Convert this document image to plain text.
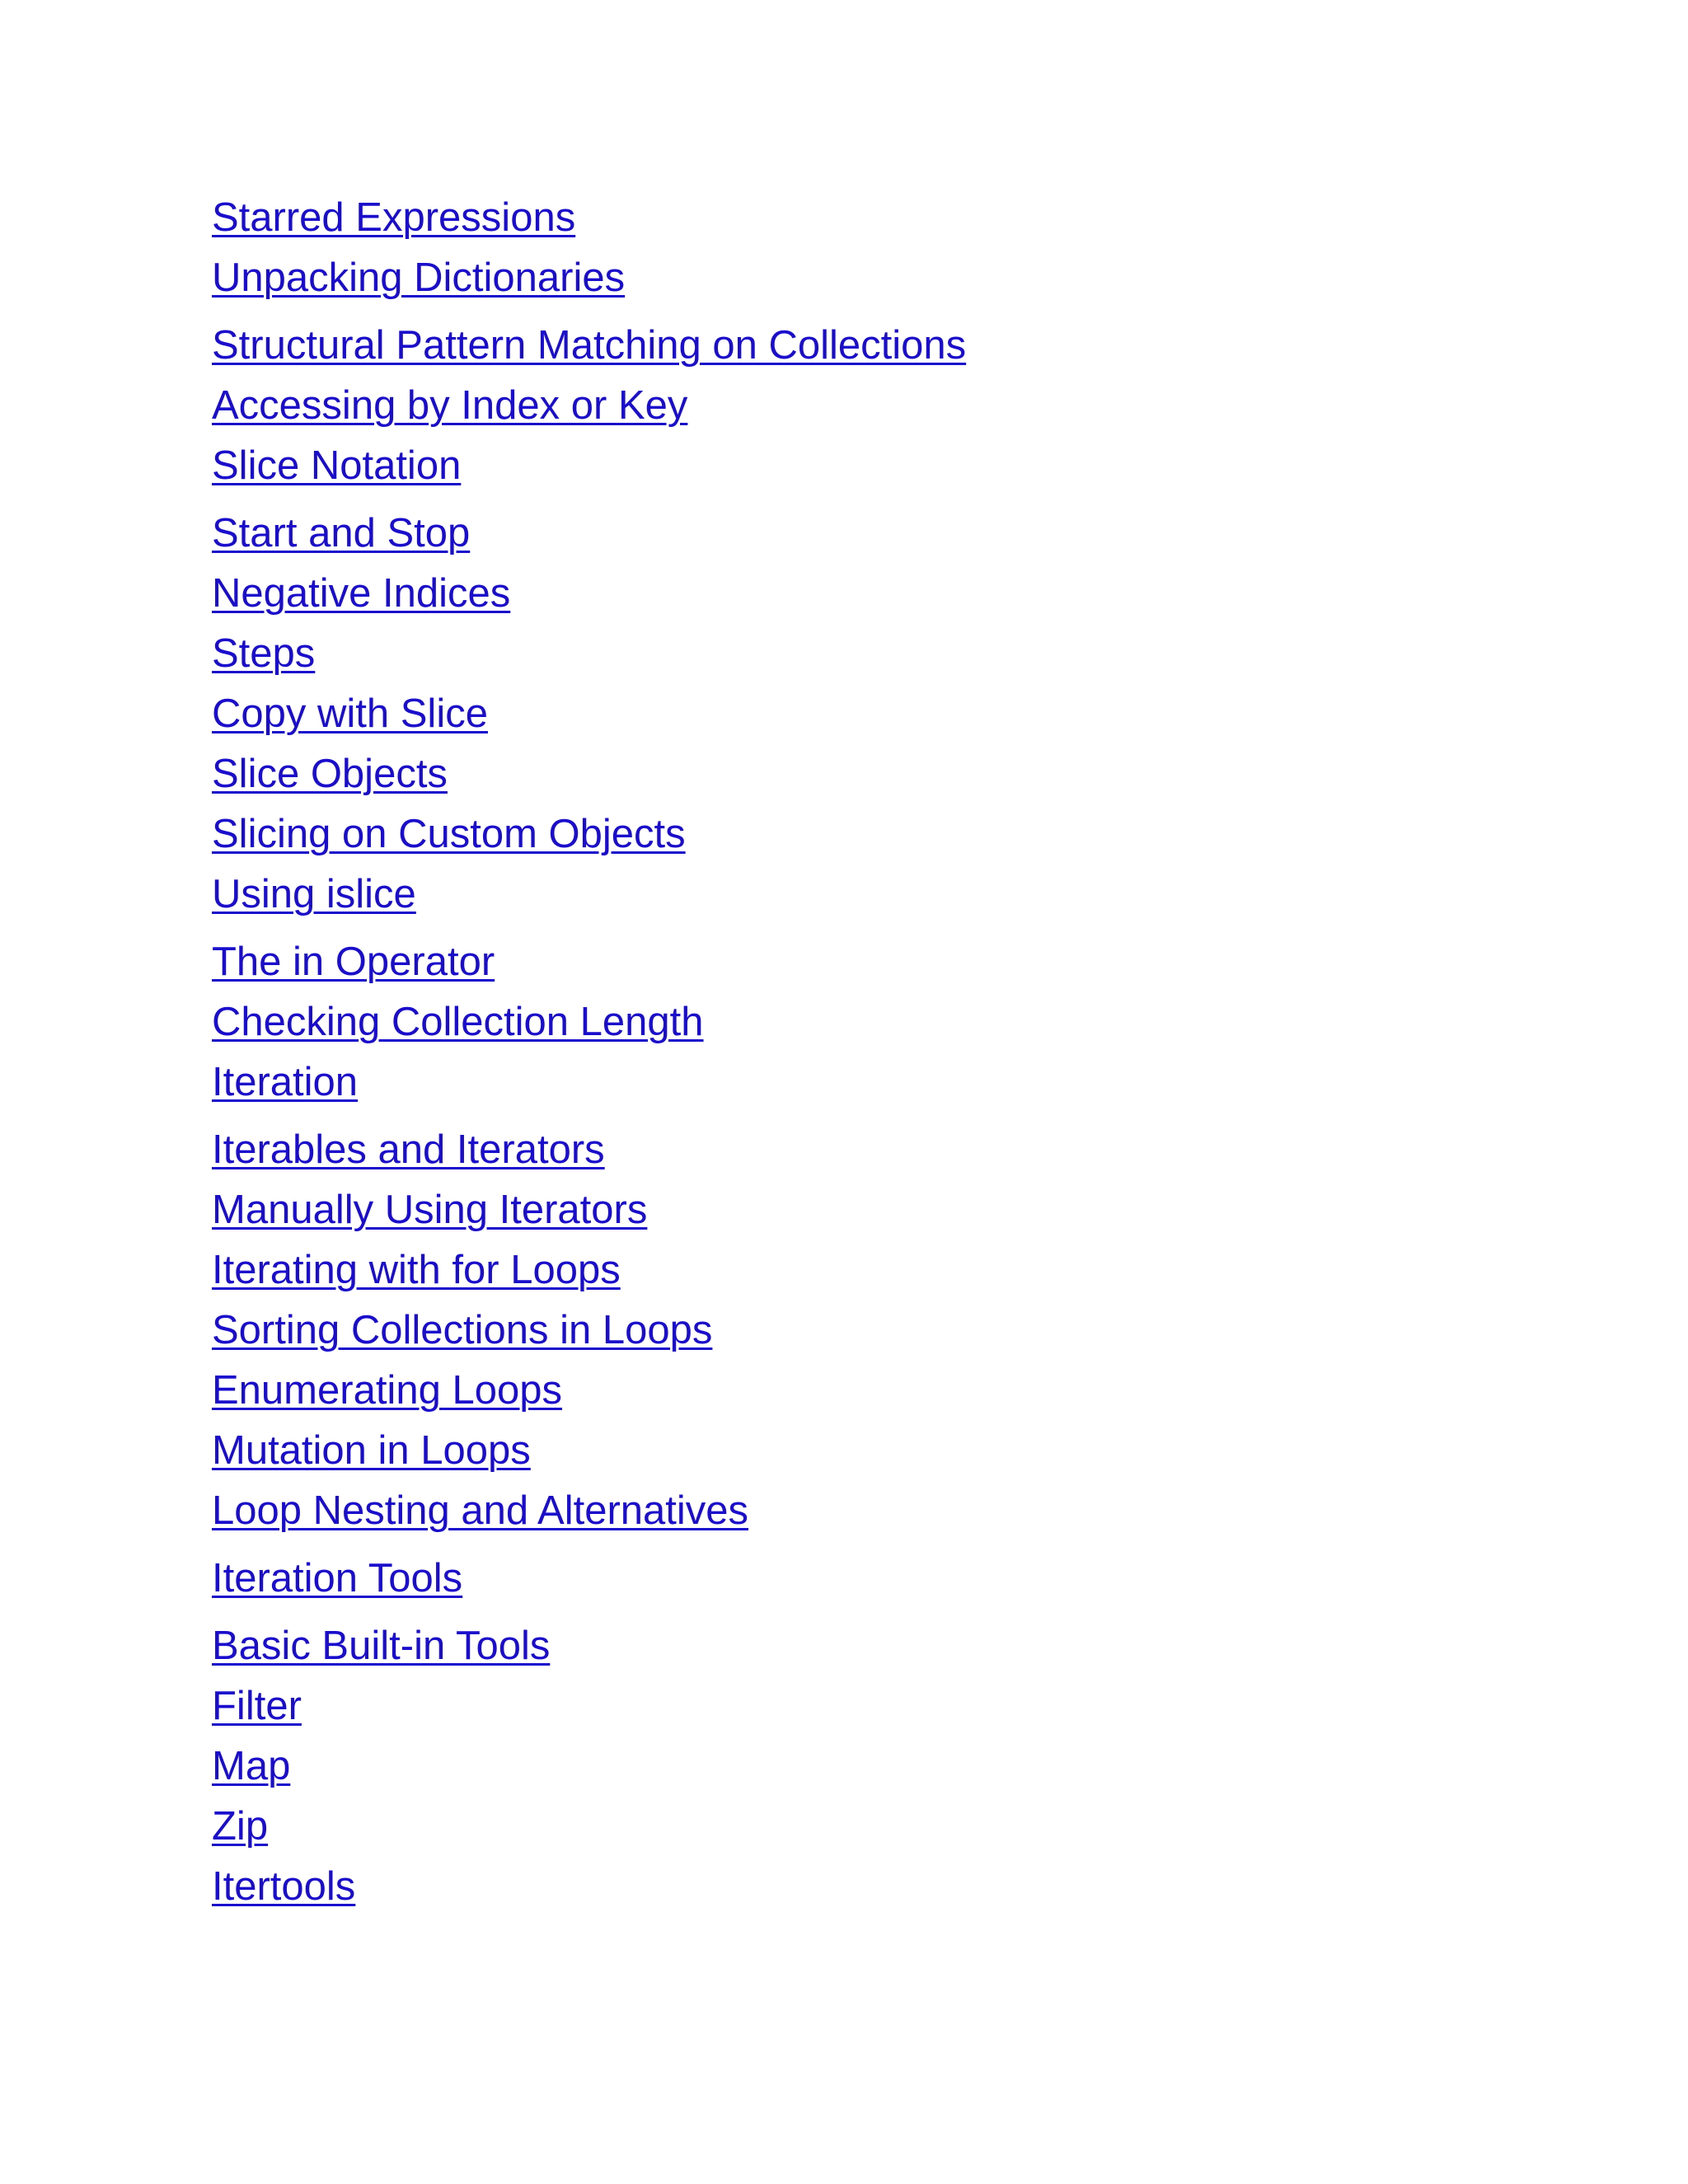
Starred Expressions
Unpacking Dictionaries
Structural Pattern Matching on Collections
Accessing by Index or Key
Slice Notation
Start and Stop
Negative Indices
Steps
Copy with Slice
Slice Objects
Slicing on Custom Objects
Using islice
The in Operator
Checking Collection Length
Iteration
Iterables and Iterators
Manually Using Iterators
Iterating with for Loops
Sorting Collections in Loops
Enumerating Loops
Mutation in Loops
Loop Nesting and Alternatives
Iteration Tools
Basic Built-in Tools
Filter
Map
Zip
Itertools
